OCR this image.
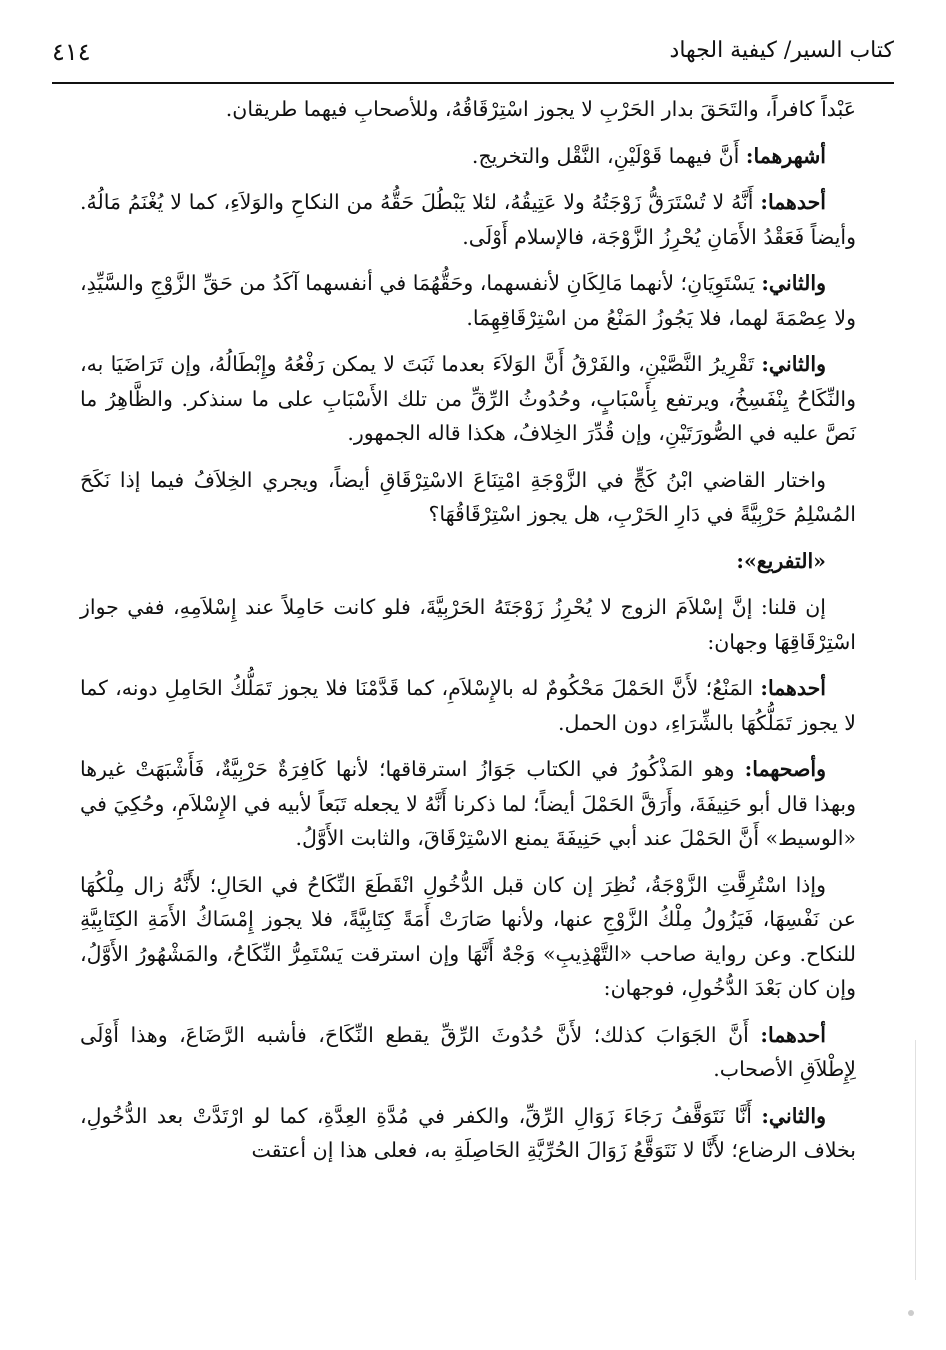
كتاب السير/ كيفية الجهاد
٤١٤

عَبْداً كافراً، والتَحَقَ بدار الحَرْبِ لا يجوز اسْتِرْقَاقُهُ، وللأصحابِ فيهما طريقان.

أشهرهما: أَنَّ فيهما قَوْلَيْنِ، النَّقْل والتخريج.

أحدهما: أَنَّهُ لا تُسْتَرَقُّ زَوْجَتُهُ ولا عَتِيقُهُ، لئلا يَبْطُلَ حَقُّهُ من النكاحِ والوَلاَءِ، كما لا يُغْنَمُ مَالُهُ. وأيضاً فَعَقْدُ الأَمَانِ يُحْرِزُ الزَّوْجَة، فالإسلام أَوْلَى.

والثاني: يَسْتَوِيَانِ؛ لأنهما مَالِكَانِ لأنفسهما، وحَقُّهُمَا في أنفسهما آكَدُ من حَقِّ الزَّوْجِ والسَّيِّدِ، ولا عِصْمَةَ لهما، فلا يَجُوزُ المَنْعُ من اسْتِرْقَاقِهِمَا.

والثاني: تَقْرِيرُ النَّصَّيْنِ، والفَرْقُ أَنَّ الوَلاَءَ بعدما ثَبَتَ لا يمكن رَفْعُهُ وإِبْطَالُهُ، وإن تَرَاضَيَا به، والنِّكَاحُ يِنْفَسِخُ، ويرتفع بِأَسْبَابٍ، وحُدُوثُ الرِّقِّ من تلك الأَسْبَابِ على ما سنذكر. والظَّاهِرُ ما نَصَّ عليه في الصُّورَتَيْنِ، وإن قُدِّرَ الخِلافُ، هكذا قاله الجمهور.

واختار القاضي ابْنُ كَجٍّ في الزَّوْجَةِ امْتِنَاعَ الاسْتِرْقَاقِ أيضاً، ويجري الخِلاَفُ فيما إذا نَكَحَ المُسْلِمُ حَرْبِيَّةً في دَارِ الحَرْبِ، هل يجوز اسْتِرْقَاقُهَا؟

«التفريع»:

إن قلنا: إنَّ إسْلاَمَ الزوج لا يُحْرِزُ زَوْجَتَهُ الحَرْبِيَّةَ، فلو كانت حَامِلاً عند إِسْلاَمِهِ، ففي جواز اسْتِرْقَاقِهَا وجهان:

أحدهما: المَنْعُ؛ لأَنَّ الحَمْلَ مَحْكُومٌ له بالإِسْلاَمِ، كما قَدَّمْنَا فلا يجوز تَمَلُّكُ الحَامِلِ دونه، كما لا يجوز تَمَلُّكُهَا بالشِّرَاءِ، دون الحمل.

وأصحهما: وهو المَذْكُورُ في الكتاب جَوَازُ استرقاقها؛ لأنها كَافِرَةٌ حَرْبِيَّةٌ، فَأَشْبَهَتْ غيرها وبهذا قال أبو حَنِيفَةَ، وأَرَقَّ الحَمْلَ أيضاً؛ لما ذكرنا أَنَّهُ لا يجعله تَبَعاً لأبيه في الإِسْلاَمِ، وحُكِيَ في «الوسيط» أَنَّ الحَمْلَ عند أبي حَنِيفَةَ يمنع الاسْتِرْقَاقَ، والثابت الأَوَّلُ.

وإذا اسْتُرِقَّتِ الزَّوْجَةُ، نُظِرَ إن كان قبل الدُّخُولِ انْقَطَعَ النِّكَاحُ في الحَالِ؛ لأَنَّهُ زال مِلْكُهَا عن نَفْسِهَا، فَيَزُولُ مِلْكُ الزَّوْجِ عنها، ولأنها صَارَتْ أَمَةً كِتَابِيَّةً، فلا يجوز إِمْسَاكُ الأَمَةِ الكِتَابِيَّةِ للنكاح. وعن رواية صاحب «التَّهْذِيبِ» وَجْهٌ أَنَّهَا وإن استرقت يَسْتَمِرُّ النِّكَاحُ، والمَشْهُورُ الأَوَّلُ، وإن كان بَعْدَ الدُّخُولِ، فوجهان:

أحدهما: أَنَّ الجَوَابَ كذلك؛ لأَنَّ حُدُوثَ الرِّقِّ يقطع النِّكَاحَ، فأشبه الرَّضَاعَ، وهذا أَوْلَى لِإِطْلاَقِ الأصحاب.

والثاني: أَنَّا نَتَوَقَّفُ رَجَاءَ زَوَالِ الرِّقِّ، والكفر في مُدَّةِ العِدَّةِ، كما لو ارْتَدَّتْ بعد الدُّخُولِ، بخلاف الرضاع؛ لأَنَّا لا نَتَوَقَّعُ زَوَالَ الحُرِّيَّةِ الحَاصِلَةِ به، فعلى هذا إن أعتقت
